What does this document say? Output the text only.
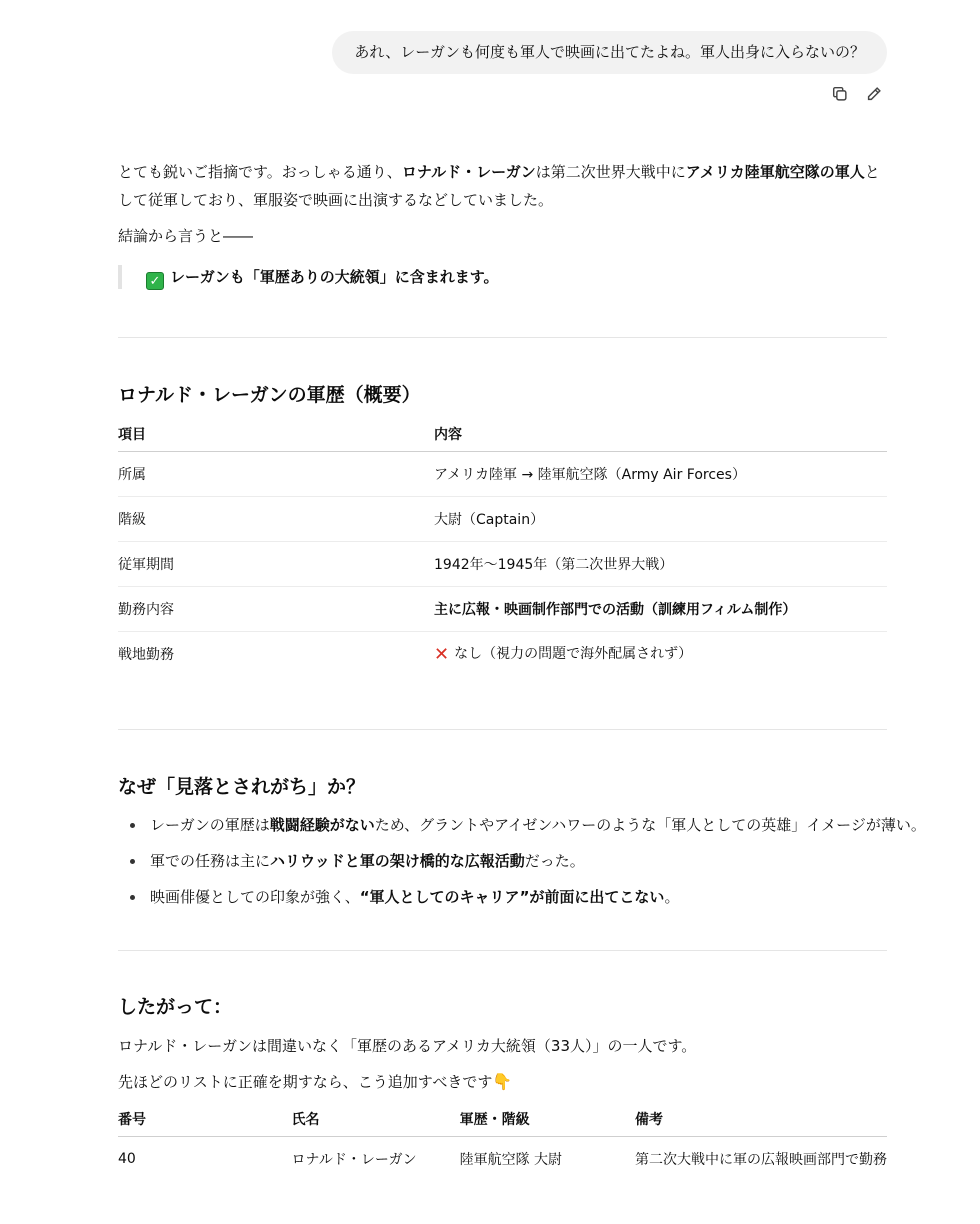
あれ、レーガンも何度も軍人で映画に出てたよね。軍人出身に入らないの？

とても鋭いご指摘です。おっしゃる通り、ロナルド・レーガンは第二次世界大戦中にアメリカ陸軍航空隊の軍人として従軍しており、軍服姿で映画に出演するなどしていました。

結論から言うと――

✓ レーガンも「軍歴ありの大統領」に含まれます。
ロナルド・レーガンの軍歴（概要）
項目	内容
所属	アメリカ陸軍 → 陸軍航空隊（Army Air Forces）
階級	大尉（Captain）
従軍期間	1942年〜1945年（第二次世界大戦）
勤務内容	主に広報・映画制作部門での活動（訓練用フィルム制作）
戦地勤務	✕ なし（視力の問題で海外配属されず）
なぜ「見落とされがち」か？
レーガンの軍歴は戦闘経験がないため、グラントやアイゼンハワーのような「軍人としての英雄」イメージが薄い。
軍での任務は主にハリウッドと軍の架け橋的な広報活動だった。
映画俳優としての印象が強く、“軍人としてのキャリア”が前面に出てこない。
したがって：

ロナルド・レーガンは間違いなく「軍歴のあるアメリカ大統領（33人）」の一人です。

先ほどのリストに正確を期すなら、こう追加すべきです👇

番号	氏名	軍歴・階級	備考
40	ロナルド・レーガン	陸軍航空隊 大尉	第二次大戦中に軍の広報映画部門で勤務
